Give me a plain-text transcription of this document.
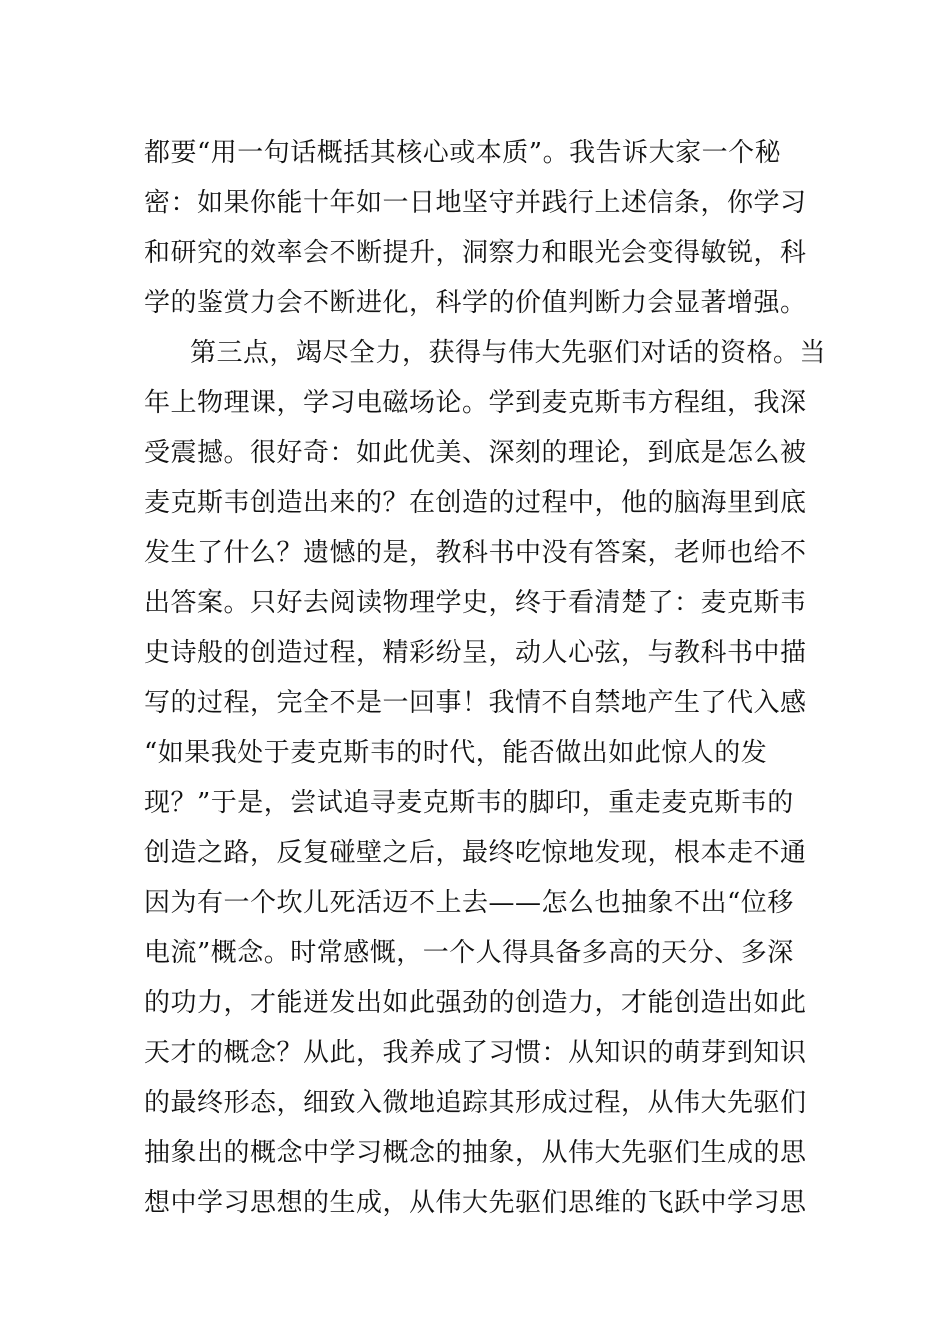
都要“用一句话概括其核心或本质”。我告诉大家一个秘
密：如果你能十年如一日地坚守并践行上述信条，你学习
和研究的效率会不断提升，洞察力和眼光会变得敏锐，科
学的鉴赏力会不断进化，科学的价值判断力会显著增强。
第三点，竭尽全力，获得与伟大先驱们对话的资格。当
年上物理课，学习电磁场论。学到麦克斯韦方程组，我深
受震撼。很好奇：如此优美、深刻的理论，到底是怎么被
麦克斯韦创造出来的？在创造的过程中，他的脑海里到底
发生了什么？遗憾的是，教科书中没有答案，老师也给不
出答案。只好去阅读物理学史，终于看清楚了：麦克斯韦
史诗般的创造过程，精彩纷呈，动人心弦，与教科书中描
写的过程，完全不是一回事！我情不自禁地产生了代入感
“如果我处于麦克斯韦的时代，能否做出如此惊人的发
现？”于是，尝试追寻麦克斯韦的脚印，重走麦克斯韦的
创造之路，反复碰壁之后，最终吃惊地发现，根本走不通
因为有一个坎儿死活迈不上去——怎么也抽象不出“位移
电流”概念。时常感慨，一个人得具备多高的天分、多深
的功力，才能迸发出如此强劲的创造力，才能创造出如此
天才的概念？从此，我养成了习惯：从知识的萌芽到知识
的最终形态，细致入微地追踪其形成过程，从伟大先驱们
抽象出的概念中学习概念的抽象，从伟大先驱们生成的思
想中学习思想的生成，从伟大先驱们思维的飞跃中学习思
